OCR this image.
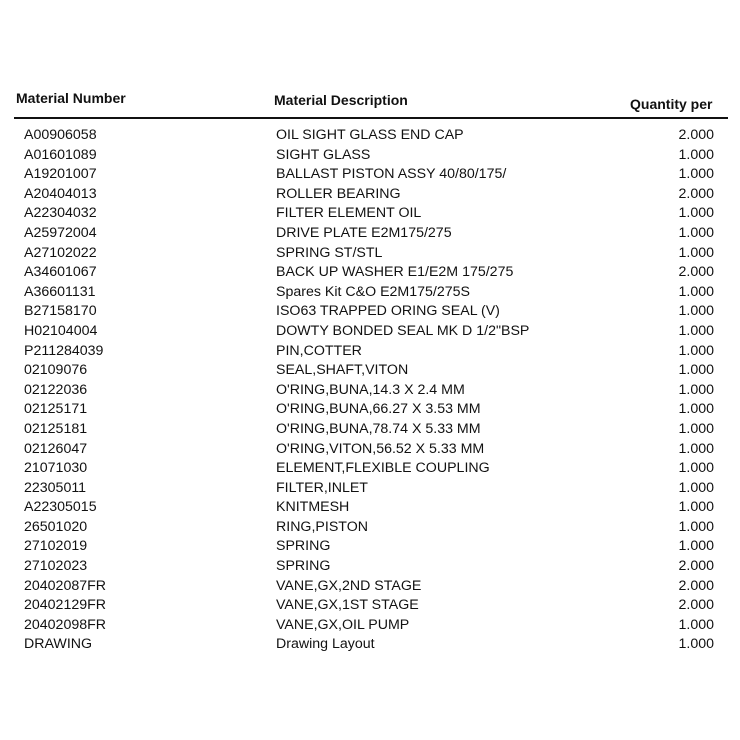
Material Number	Material Description	Quantity per
A00906058	OIL SIGHT GLASS END CAP	2.000
A01601089	SIGHT GLASS	1.000
A19201007	BALLAST PISTON ASSY 40/80/175/	1.000
A20404013	ROLLER BEARING	2.000
A22304032	FILTER ELEMENT OIL	1.000
A25972004	DRIVE PLATE E2M175/275	1.000
A27102022	SPRING ST/STL	1.000
A34601067	BACK UP WASHER E1/E2M 175/275	2.000
A36601131	Spares Kit C&O E2M175/275S	1.000
B27158170	ISO63 TRAPPED ORING SEAL (V)	1.000
H02104004	DOWTY BONDED SEAL MK D 1/2"BSP	1.000
P211284039	PIN,COTTER	1.000
02109076	SEAL,SHAFT,VITON	1.000
02122036	O'RING,BUNA,14.3 X 2.4 MM	1.000
02125171	O'RING,BUNA,66.27 X 3.53 MM	1.000
02125181	O'RING,BUNA,78.74 X 5.33 MM	1.000
02126047	O'RING,VITON,56.52 X 5.33 MM	1.000
21071030	ELEMENT,FLEXIBLE COUPLING	1.000
22305011	FILTER,INLET	1.000
A22305015	KNITMESH	1.000
26501020	RING,PISTON	1.000
27102019	SPRING	1.000
27102023	SPRING	2.000
20402087FR	VANE,GX,2ND STAGE	2.000
20402129FR	VANE,GX,1ST STAGE	2.000
20402098FR	VANE,GX,OIL PUMP	1.000
DRAWING	Drawing Layout	1.000
